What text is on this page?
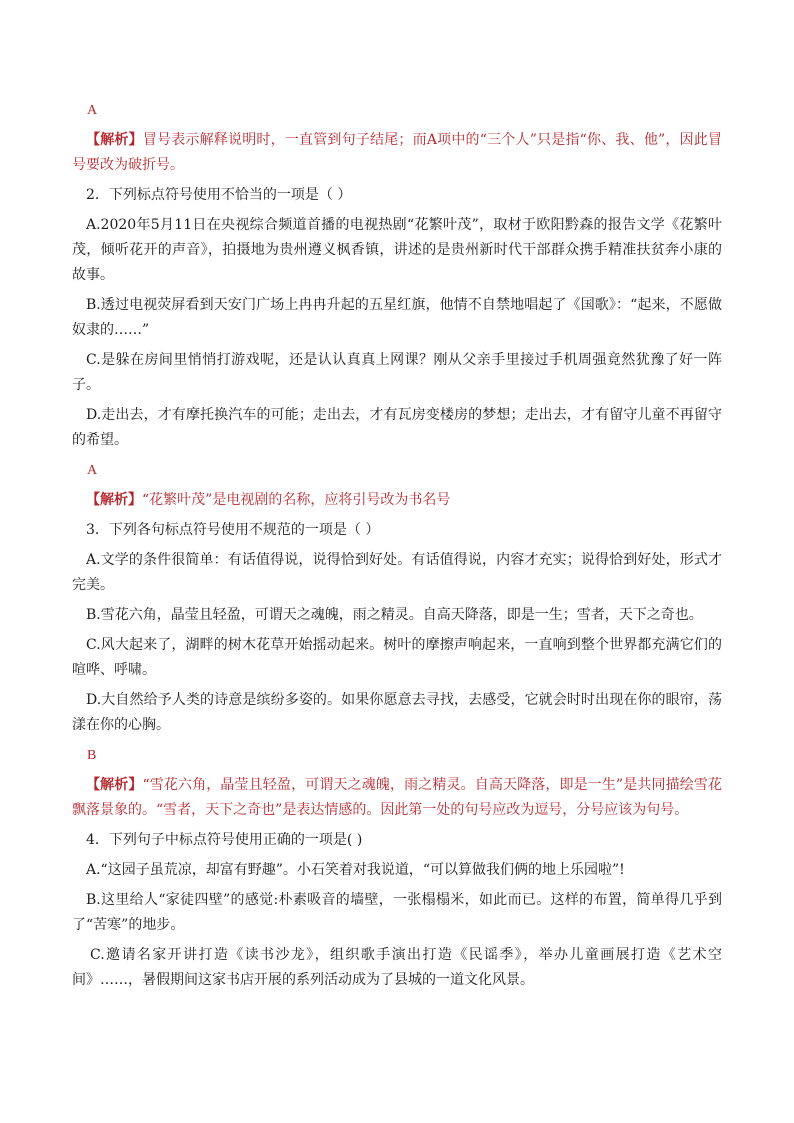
A
【解析】冒号表示解释说明时，一直管到句子结尾；而A项中的“三个人”只是指“你、我、他”，因此冒号要改为破折号。
2．下列标点符号使用不恰当的一项是（ ）
A.2020年5月11日在央视综合频道首播的电视热剧“花繁叶茂”，取材于欧阳黔森的报告文学《花繁叶茂，倾听花开的声音》，拍摄地为贵州遵义枫香镇，讲述的是贵州新时代干部群众携手精准扶贫奔小康的故事。
B.透过电视荧屏看到天安门广场上冉冉升起的五星红旗，他情不自禁地唱起了《国歌》：“起来，不愿做奴隶的……”
C.是躲在房间里悄悄打游戏呢，还是认认真真上网课？刚从父亲手里接过手机周强竟然犹豫了好一阵子。
D.走出去，才有摩托换汽车的可能；走出去，才有瓦房变楼房的梦想；走出去，才有留守儿童不再留守的希望。
A
【解析】“花繁叶茂”是电视剧的名称，应将引号改为书名号
3．下列各句标点符号使用不规范的一项是（ ）
A.文学的条件很简单：有话值得说，说得恰到好处。有话值得说，内容才充实；说得恰到好处，形式才完美。
B.雪花六角，晶莹且轻盈，可谓天之魂魄，雨之精灵。自高天降落，即是一生；雪者，天下之奇也。
C.风大起来了，湖畔的树木花草开始摇动起来。树叶的摩擦声响起来，一直响到整个世界都充满它们的喧哗、呼啸。
D.大自然给予人类的诗意是缤纷多姿的。如果你愿意去寻找，去感受，它就会时时出现在你的眼帘，荡漾在你的心胸。
B
【解析】“雪花六角，晶莹且轻盈，可谓天之魂魄，雨之精灵。自高天降落，即是一生”是共同描绘雪花飘落景象的。“雪者，天下之奇也”是表达情感的。因此第一处的句号应改为逗号，分号应该为句号。
4．下列句子中标点符号使用正确的一项是( )
A.“这园子虽荒凉，却富有野趣”。小石笑着对我说道，“可以算做我们俩的地上乐园啦”!
B.这里给人“家徒四壁”的感觉:朴素吸音的墙壁，一张榻榻米，如此而已。这样的布置，简单得几乎到了“苦寒”的地步。
C.邀请名家开讲打造《读书沙龙》，组织歌手演出打造《民谣季》，举办儿童画展打造《艺术空间》……，暑假期间这家书店开展的系列活动成为了县城的一道文化风景。
